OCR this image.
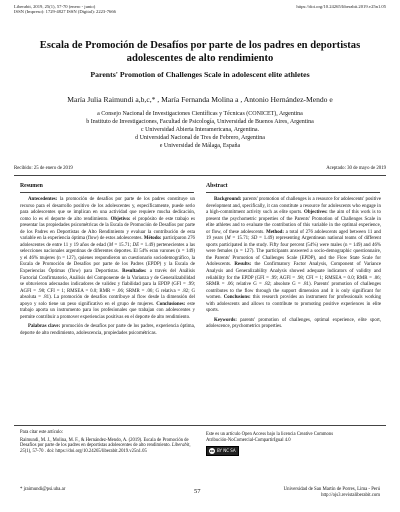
Liberabit, 2019, 25(1), 57-70 (enero - junio)
ISSN (Impreso): 1729-4827 ISSN (Digital): 2223-7666
https://doi.org/10.24265/liberabit.2019.v25n1.05
Escala de Promoción de Desafíos por parte de los padres en deportistas adolescentes de alto rendimiento
Parents' Promotion of Challenges Scale in adolescent elite athletes
María Julia Raimundi a,b,c,* , María Fernanda Molina a , Antonio Hernández-Mendo e
a Consejo Nacional de Investigaciones Científicas y Técnicas (CONICET), Argentina
b Instituto de Investigaciones, Facultad de Psicología, Universidad de Buenos Aires, Argentina
c Universidad Abierta Interamericana, Argentina.
d Universidad Nacional de Tres de Febrero, Argentina
e Universidad de Málaga, España
Recibido: 25 de enero de 2019	Aceptado: 30 de mayo de 2019
Resumen	Abstract

Antecedentes: la promoción de desafíos por parte de los padres constituye un recurso para el desarrollo positivo de los adolescentes y, específicamente, puede serlo para adolescentes que se implican en una actividad que requiere mucha dedicación, como lo es el deporte de alto rendimiento. Objetivo: el propósito de este trabajo es presentar las propiedades psicométricas de la Escala de Promoción de Desafíos por parte de los Padres en Deportistas de Alto Rendimiento y evaluar la contribución de esta variable en la experiencia óptima (flow) de estos adolescentes. Método: participaron 276 adolescentes de entre 11 y 19 años de edad (M = 15.71; DE = 1.49) pertenecientes a las selecciones nacionales argentinas de diferentes deportes. El 54% eran varones (n = 149) y el 46% mujeres (n = 127), quienes respondieron un cuestionario sociodemográfico, la Escala de Promoción de Desafíos por parte de los Padres (EPDP) y la Escala de Experiencias Óptimas (flow) para Deportistas. Resultados: a través del Análisis Factorial Confirmatorio, Análisis del Componente de la Varianza y de Generalizabilidad se obtuvieron adecuados indicadores de validez y fiabilidad para la EPDP (GFI = .99; AGFI = .98; CFI = 1; RMSEA = 0.0; RMR = .06; SRMR = .06; G relativa = .82; G absoluta = .81). La promoción de desafíos contribuye al flow desde la dimensión del apoyo y solo tiene un peso significativo en el grupo de mujeres. Conclusiones: este trabajo aporta un instrumento para los profesionales que trabajan con adolescentes y permite contribuir a promover experiencias positivas en el deporte de alto rendimiento.

Palabras clave: promoción de desafíos por parte de los padres, experiencia óptima, deporte de alto rendimiento, adolescencia, propiedades psicométricas.

Background: parents' promotion of challenges is a resource for adolescents' positive development and, specifically, it can constitute a resource for adolescents who engage in a high-commitment activity such as elite sports. Objectives: the aim of this work is to present the psychometric properties of the Parents' Promotion of Challenges Scale in elite athletes and to evaluate the contribution of this variable in the optimal experience, or flow, of these adolescents. Method: a total of 276 adolescents aged between 11 and 19 years (M = 15.71; SD = 1.49) representing Argentinean national teams of different sports participated in the study. Fifty four percent (54%) were males (n = 149) and 46% were females (n = 127). The participants answered a socio-demographic questionnaire, the Parents' Promotion of Challenges Scale (EPDP), and the Flow State Scale for Adolescents. Results: the Confirmatory Factor Analysis, Component of Variance Analysis and Generalizability Analysis showed adequate indicators of validity and reliability for the EPDP (GFI = .99; AGFI = .98; CFI = 1; RMSEA = 0.0; RMR = .06; SRMR = .06; relative G = .82; absolute G = .81). Parents' promotion of challenges contributes to the flow through the support dimension and it is only significant for women. Conclusions: this research provides an instrument for professionals working with adolescents and allows to contribute to promoting positive experiences in elite sports.

Keywords: parents' promotion of challenges, optimal experience, elite sport, adolescence, psychometrics properties.

Para citar este artículo:
Raimundi, M. J., Molina, M. F., & Hernández-Mendo, A. (2019). Escala de Promoción de Desafíos por parte de los padres en deportistas adolescentes de alto rendimiento. Liberabit, 25(1), 57-70 . doi: https://doi.org/10.24265/liberabit.2019.v25n1.05
Este es un artículo Open Access bajo la licencia Creative Commons
Atribución-NoComercial-CompartirIgual 4.0
cc BY NC SA
* jraimundi@psi.uba.ar	57	Universidad de San Martín de Porres, Lima - Perú
http://ojs3.revistaliberabit.com
